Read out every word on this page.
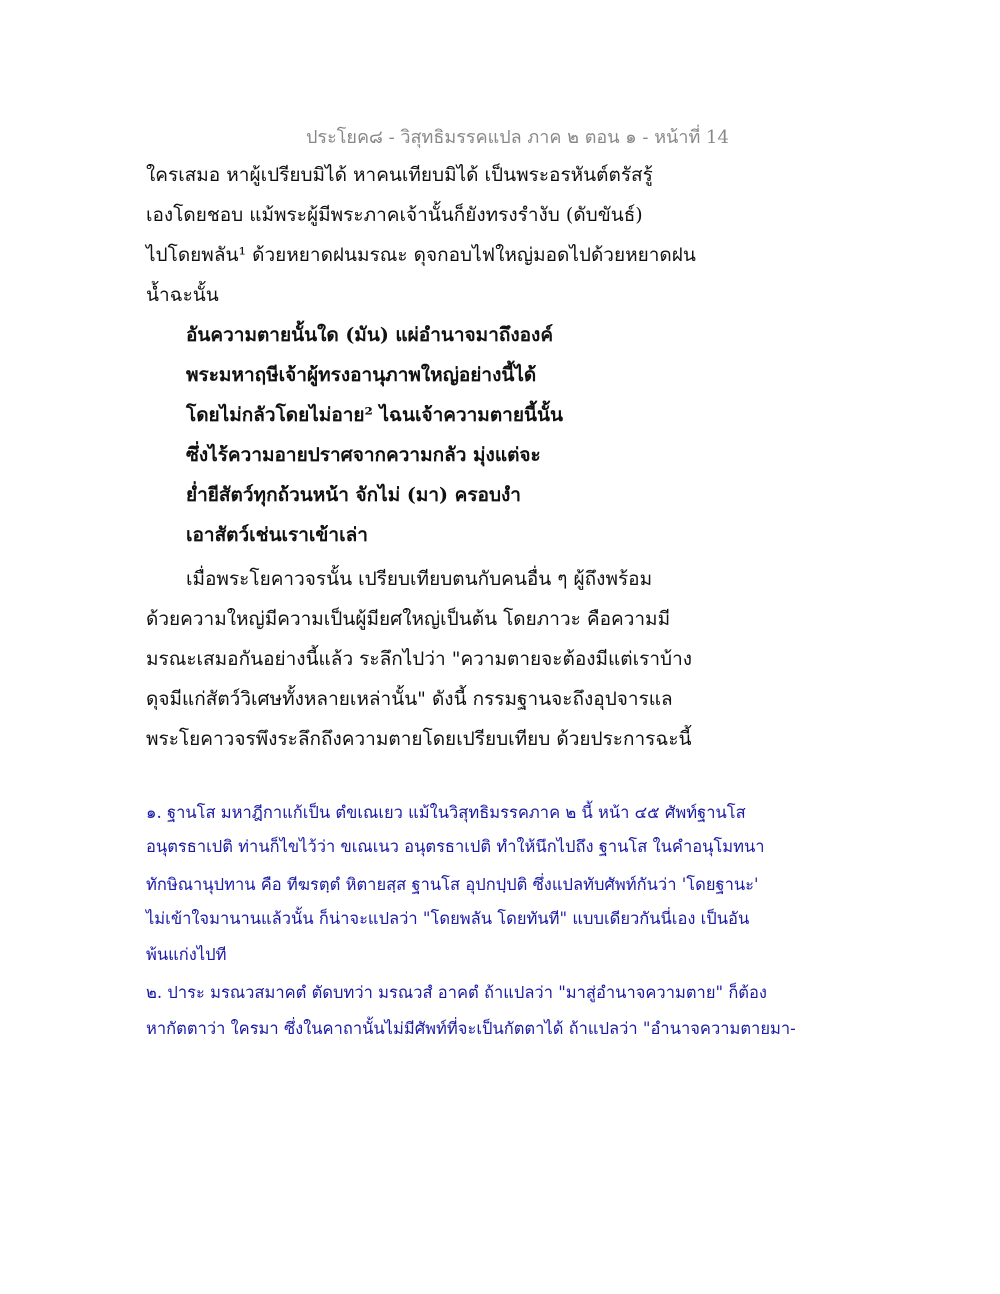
ประโยค๘ - วิสุทธิมรรคแปล ภาค ๒ ตอน ๑ - หน้าที่ 14
ใครเสมอ หาผู้เปรียบมิได้ หาคนเทียบมิได้ เป็นพระอรหันต์ตรัสรู้
เองโดยชอบ แม้พระผู้มีพระภาคเจ้านั้นก็ยังทรงรำงับ (ดับขันธ์)
ไปโดยพลัน¹ ด้วยหยาดฝนมรณะ ดุจกอบไฟใหญ่มอดไปด้วยหยาดฝน
น้ำฉะนั้น
อันความตายนั้นใด (มัน) แผ่อำนาจมาถึงองค์
พระมหาฤษีเจ้าผู้ทรงอานุภาพใหญ่อย่างนี้ได้
โดยไม่กลัวโดยไม่อาย² ไฉนเจ้าความตายนี้นั้น
ซึ่งไร้ความอายปราศจากความกลัว มุ่งแต่จะ
ย่ำยีสัตว์ทุกถ้วนหน้า จักไม่ (มา) ครอบงำ
เอาสัตว์เช่นเราเข้าเล่า
เมื่อพระโยคาวจรนั้น เปรียบเทียบตนกับคนอื่น ๆ ผู้ถึงพร้อม
ด้วยความใหญ่มีความเป็นผู้มียศใหญ่เป็นต้น โดยภาวะ คือความมี
มรณะเสมอกันอย่างนี้แล้ว ระลึกไปว่า "ความตายจะต้องมีแต่เราบ้าง
ดุจมีแก่สัตว์วิเศษทั้งหลายเหล่านั้น" ดังนี้ กรรมฐานจะถึงอุปจารแล
พระโยคาวจรพึงระลึกถึงความตายโดยเปรียบเทียบ ด้วยประการฉะนี้
๑. ฐานโส มหาฎีกาแก้เป็น ตํขเณเยว แม้ในวิสุทธิมรรคภาค ๒ นี้ หน้า ๔๕ ศัพท์ฐานโส
อนุตรธาเปติ ท่านก็ไขไว้ว่า ขเณเนว อนุตรธาเปติ ทำให้นึกไปถึง ฐานโส ในคำอนุโมทนา
ทักษิณานุปทาน คือ ทีฆรตฺตํ หิตายสฺส ฐานโส อุปกปฺปติ ซึ่งแปลทับศัพท์กันว่า 'โดยฐานะ'
ไม่เข้าใจมานานแล้วนั้น ก็น่าจะแปลว่า "โดยพลัน โดยทันที" แบบเดียวกันนี่เอง เป็นอัน
พ้นแก่งไปที
๒. ปาระ มรณวสมาคตํ ตัดบทว่า มรณวสํ อาคตํ ถ้าแปลว่า "มาสู่อำนาจความตาย" ก็ต้อง
หากัตตาว่า ใครมา ซึ่งในคาถานั้นไม่มีศัพท์ที่จะเป็นกัตตาได้ ถ้าแปลว่า "อำนาจความตายมา-
